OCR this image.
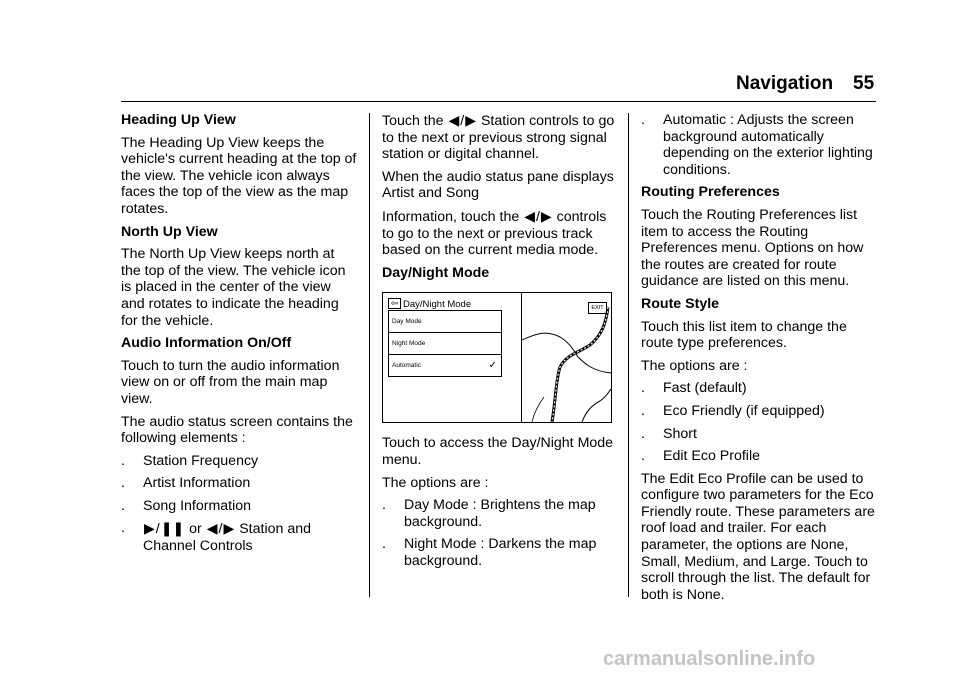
Navigation 55
Heading Up View

The Heading Up View keeps the vehicle's current heading at the top of the view. The vehicle icon always faces the top of the view as the map rotates.

North Up View

The North Up View keeps north at the top of the view. The vehicle icon is placed in the center of the view and rotates to indicate the heading for the vehicle.

Audio Information On/Off

Touch to turn the audio information view on or off from the main map view.

The audio status screen contains the following elements :

.	Station Frequency
.	Artist Information
.	Song Information
.	▶/❚❚ or ◀/▶ Station and Channel Controls

Touch the ◀/▶ Station controls to go to the next or previous strong signal station or digital channel.

When the audio status pane displays Artist and Song

Information, touch the ◀/▶ controls to go to the next or previous track based on the current media mode.

Day/Night Mode
⇦ Day/Night Mode
Day Mode
Night Mode
Automatic	✓
EXIT

Touch to access the Day/Night Mode menu.

The options are :

.	Day Mode : Brightens the map background.
.	Night Mode : Darkens the map background.
.	Automatic : Adjusts the screen background automatically depending on the exterior lighting conditions.
Routing Preferences

Touch the Routing Preferences list item to access the Routing Preferences menu. Options on how the routes are created for route guidance are listed on this menu.

Route Style

Touch this list item to change the route type preferences.

The options are :

.	Fast (default)
.	Eco Friendly (if equipped)
.	Short
.	Edit Eco Profile

The Edit Eco Profile can be used to configure two parameters for the Eco Friendly route. These parameters are roof load and trailer. For each parameter, the options are None, Small, Medium, and Large. Touch to scroll through the list. The default for both is None.

carmanualsonline.info
